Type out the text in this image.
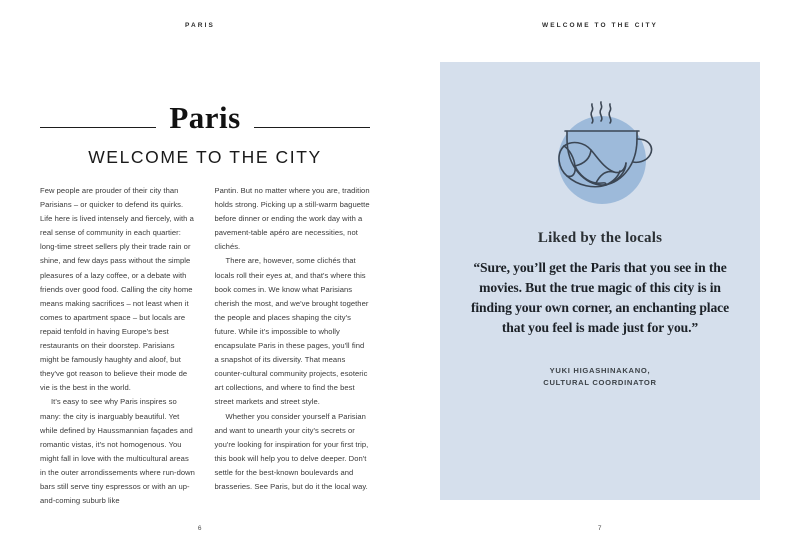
PARIS
Paris
WELCOME TO THE CITY

Few people are prouder of their city than Parisians – or quicker to defend its quirks. Life here is lived intensely and fiercely, with a real sense of community in each quartier: long-time street sellers ply their trade rain or shine, and few days pass without the simple pleasures of a lazy coffee, or a debate with friends over good food. Calling the city home means making sacrifices – not least when it comes to apartment space – but locals are repaid tenfold in having Europe's best restaurants on their doorstep. Parisians might be famously haughty and aloof, but they've got reason to believe their mode de vie is the best in the world.

It's easy to see why Paris inspires so many: the city is inarguably beautiful. Yet while defined by Haussmannian façades and romantic vistas, it's not homogenous. You might fall in love with the multicultural areas in the outer arrondissements where run-down bars still serve tiny espressos or with an up-and-coming suburb like

Pantin. But no matter where you are, tradition holds strong. Picking up a still-warm baguette before dinner or ending the work day with a pavement-table apéro are necessities, not clichés.

There are, however, some clichés that locals roll their eyes at, and that's where this book comes in. We know what Parisians cherish the most, and we've brought together the people and places shaping the city's future. While it's impossible to wholly encapsulate Paris in these pages, you'll find a snapshot of its diversity. That means counter-cultural community projects, esoteric art collections, and where to find the best street markets and street style.

Whether you consider yourself a Parisian and want to unearth your city's secrets or you're looking for inspiration for your first trip, this book will help you to delve deeper. Don't settle for the best-known boulevards and brasseries. See Paris, but do it the local way.

6
WELCOME TO THE CITY
Liked by the locals
“Sure, you’ll get the Paris that you see in the movies. But the true magic of this city is in finding your own corner, an enchanting place that you feel is made just for you.”
YUKI HIGASHINAKANO,
CULTURAL COORDINATOR
7
